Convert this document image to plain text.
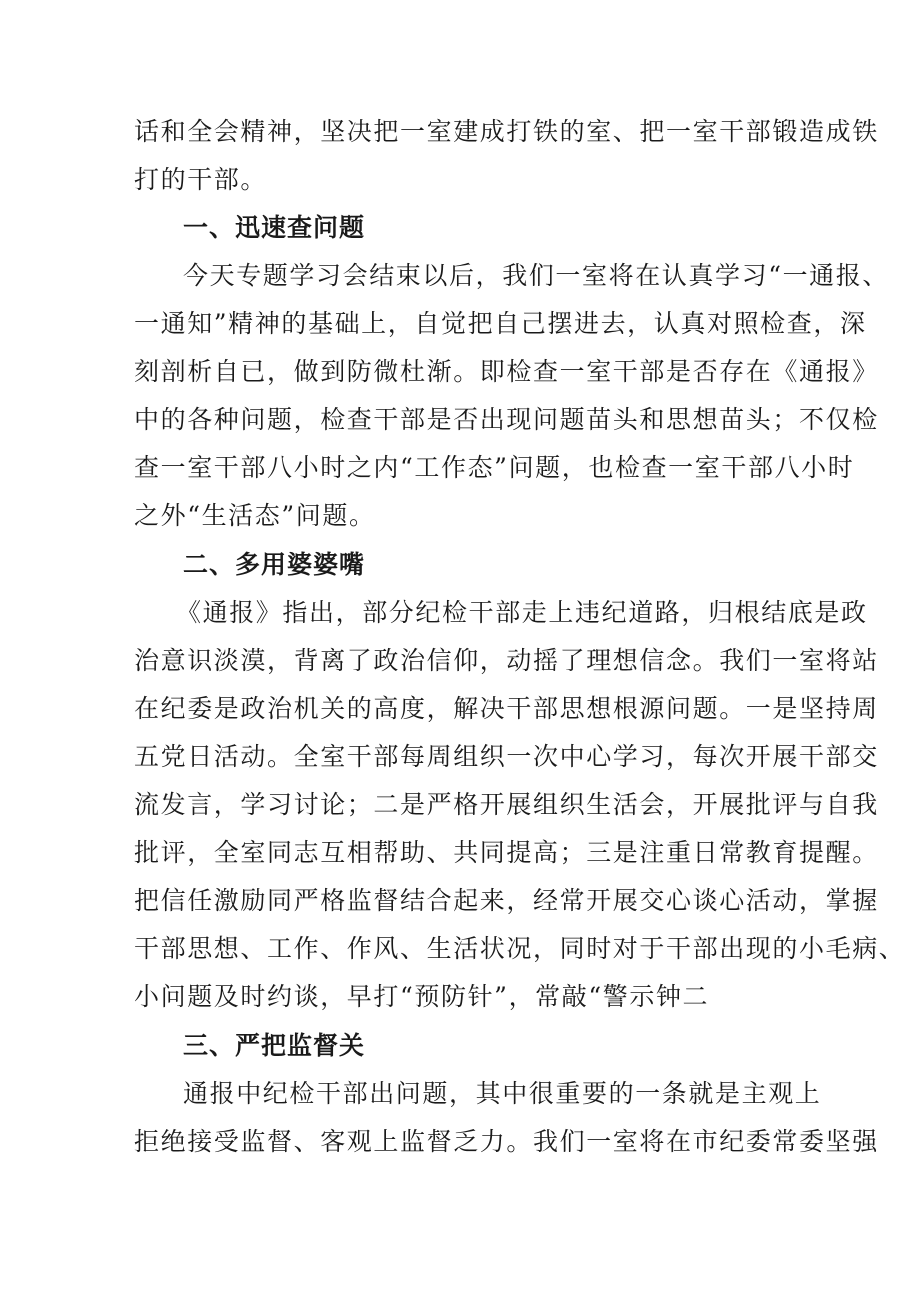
话和全会精神，坚决把一室建成打铁的室、把一室干部锻造成铁
打的干部。
一、迅速查问题
今天专题学习会结束以后，我们一室将在认真学习“一通报、
一通知”精神的基础上，自觉把自己摆进去，认真对照检查，深
刻剖析自已，做到防微杜渐。即检查一室干部是否存在《通报》
中的各种问题，检查干部是否出现问题苗头和思想苗头；不仅检
查一室干部八小时之内“工作态”问题，也检查一室干部八小时
之外“生活态”问题。
二、多用婆婆嘴
《通报》指出，部分纪检干部走上违纪道路，归根结底是政
治意识淡漠，背离了政治信仰，动摇了理想信念。我们一室将站
在纪委是政治机关的高度，解决干部思想根源问题。一是坚持周
五党日活动。全室干部每周组织一次中心学习，每次开展干部交
流发言，学习讨论；二是严格开展组织生活会，开展批评与自我
批评，全室同志互相帮助、共同提高；三是注重日常教育提醒。
把信任激励同严格监督结合起来，经常开展交心谈心活动，掌握
干部思想、工作、作风、生活状况，同时对于干部出现的小毛病、
小问题及时约谈，早打“预防针”，常敲“警示钟二
三、严把监督关
通报中纪检干部出问题，其中很重要的一条就是主观上
拒绝接受监督、客观上监督乏力。我们一室将在市纪委常委坚强
